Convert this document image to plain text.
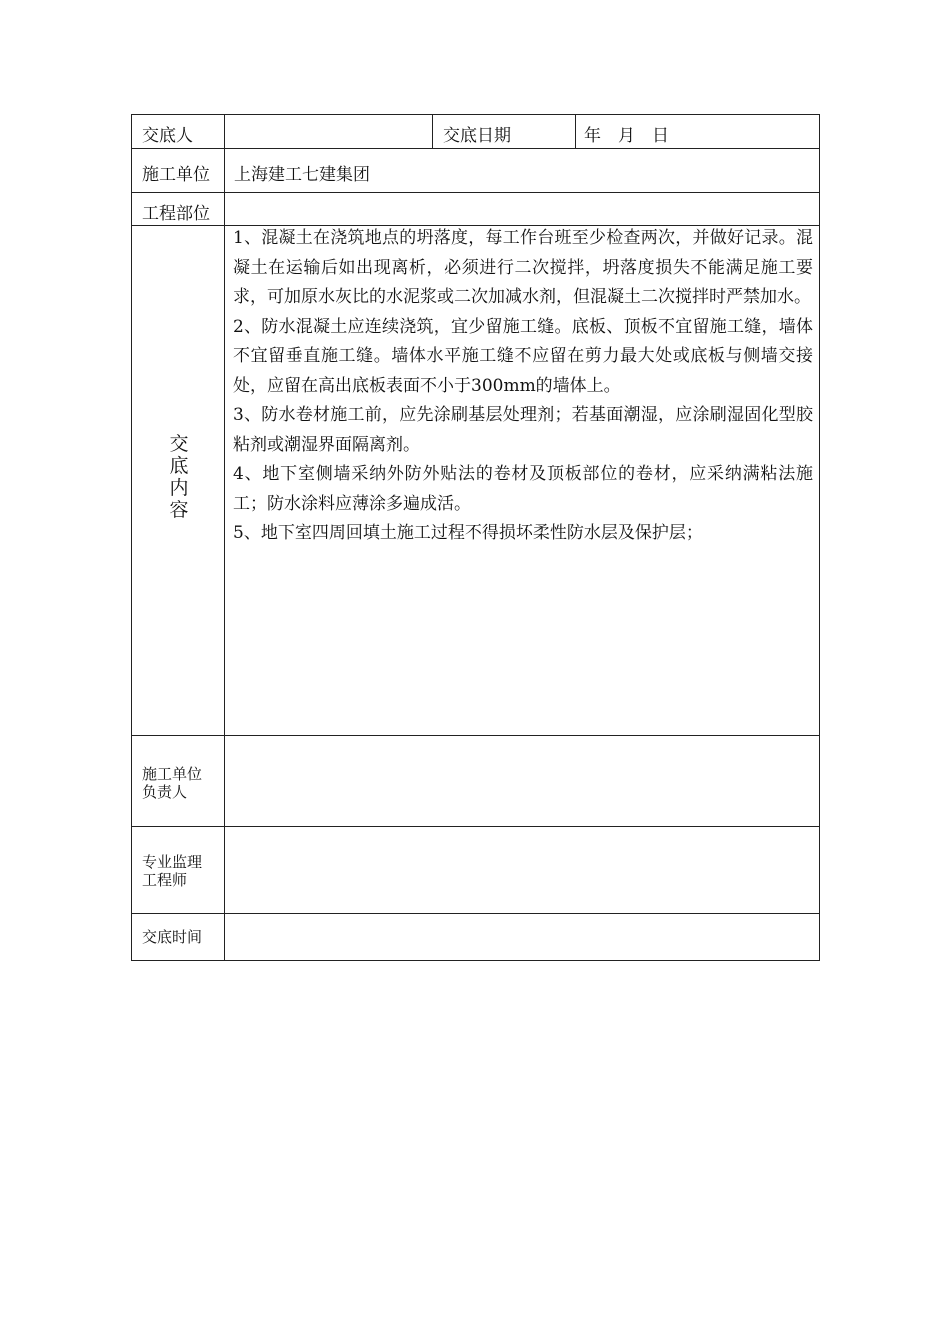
交底人	交底日期	年　月　日
施工单位 上海建工七建集团
工程部位
交
底
内
容

1、混凝土在浇筑地点的坍落度，每工作台班至少检查两次，并做好记录。混凝土在运输后如出现离析，必须进行二次搅拌，坍落度损失不能满足施工要求，可加原水灰比的水泥浆或二次加减水剂，但混凝土二次搅拌时严禁加水。

2、防水混凝土应连续浇筑，宜少留施工缝。底板、顶板不宜留施工缝，墙体不宜留垂直施工缝。墙体水平施工缝不应留在剪力最大处或底板与侧墙交接处，应留在高出底板表面不小于300mm的墙体上。

3、防水卷材施工前，应先涂刷基层处理剂；若基面潮湿，应涂刷湿固化型胶粘剂或潮湿界面隔离剂。

4、地下室侧墙采纳外防外贴法的卷材及顶板部位的卷材，应采纳满粘法施工；防水涂料应薄涂多遍成活。

5、地下室四周回填土施工过程不得损坏柔性防水层及保护层；

施工单位
负责人
专业监理
工程师
交底时间
